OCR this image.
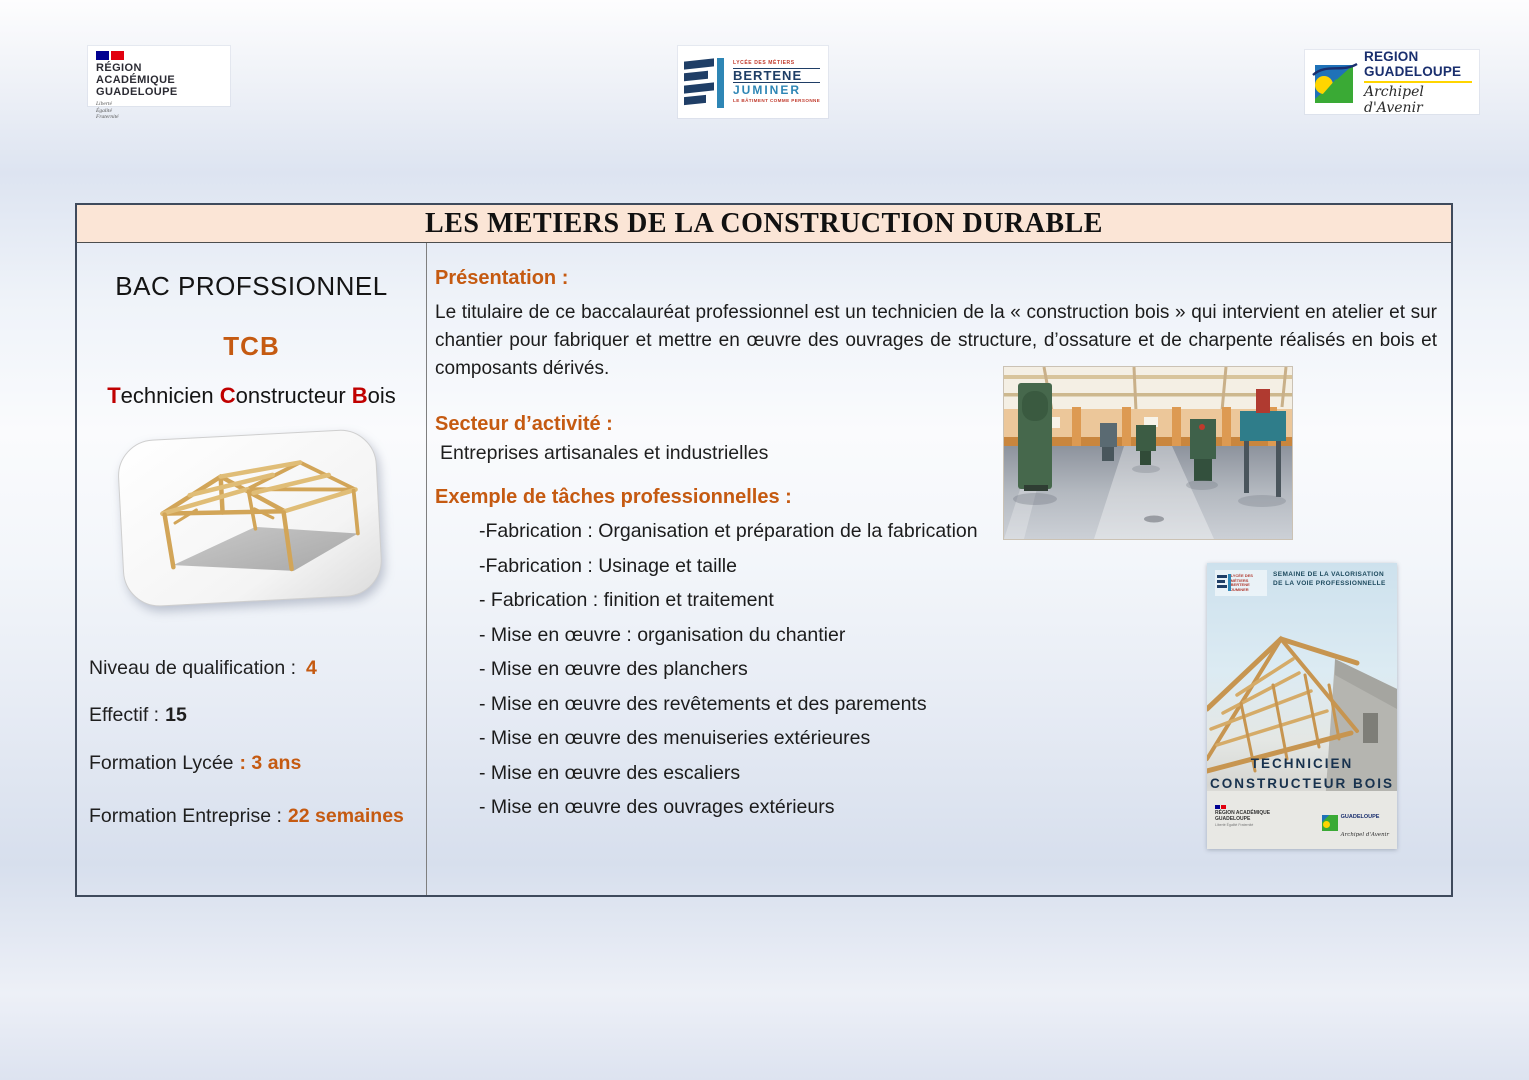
RÉGION ACADÉMIQUE
GUADELOUPE
Liberté
Égalité
Fraternité
LYCÉE DES MÉTIERS
BERTENE
JUMINER
LE BÂTIMENT COMME PERSONNE
REGION GUADELOUPE
Archipel d'Avenir
LES METIERS DE LA CONSTRUCTION DURABLE
BAC PROFSSIONNEL
TCB
Technicien Constructeur Bois
Niveau de qualification : 4
Effectif : 15
Formation Lycée : 3 ans
Formation Entreprise : 22 semaines
Présentation :

Le titulaire de ce baccalauréat professionnel est un technicien de la « construction bois » qui intervient en atelier et sur chantier pour fabriquer et mettre en œuvre des ouvrages de structure, d’ossature et de charpente réalisés en bois et composants dérivés.

Secteur d’activité :

Entreprises artisanales et industrielles

Exemple de tâches professionnelles :
-Fabrication : Organisation et préparation de la fabrication
-Fabrication : Usinage et taille
- Fabrication : finition et traitement
- Mise en œuvre : organisation du chantier
- Mise en œuvre des planchers
- Mise en œuvre des revêtements et des parements
- Mise en œuvre des menuiseries extérieures
- Mise en œuvre des escaliers
- Mise en œuvre des ouvrages extérieurs
LYCÉE DES MÉTIERS
BERTENE JUMINER
SEMAINE DE LA VALORISATION
DE LA VOIE PROFESSIONNELLE
TECHNICIEN
CONSTRUCTEUR BOIS
RÉGION ACADÉMIQUE
GUADELOUPE
Liberté Égalité Fraternité
GUADELOUPE
Archipel d'Avenir
